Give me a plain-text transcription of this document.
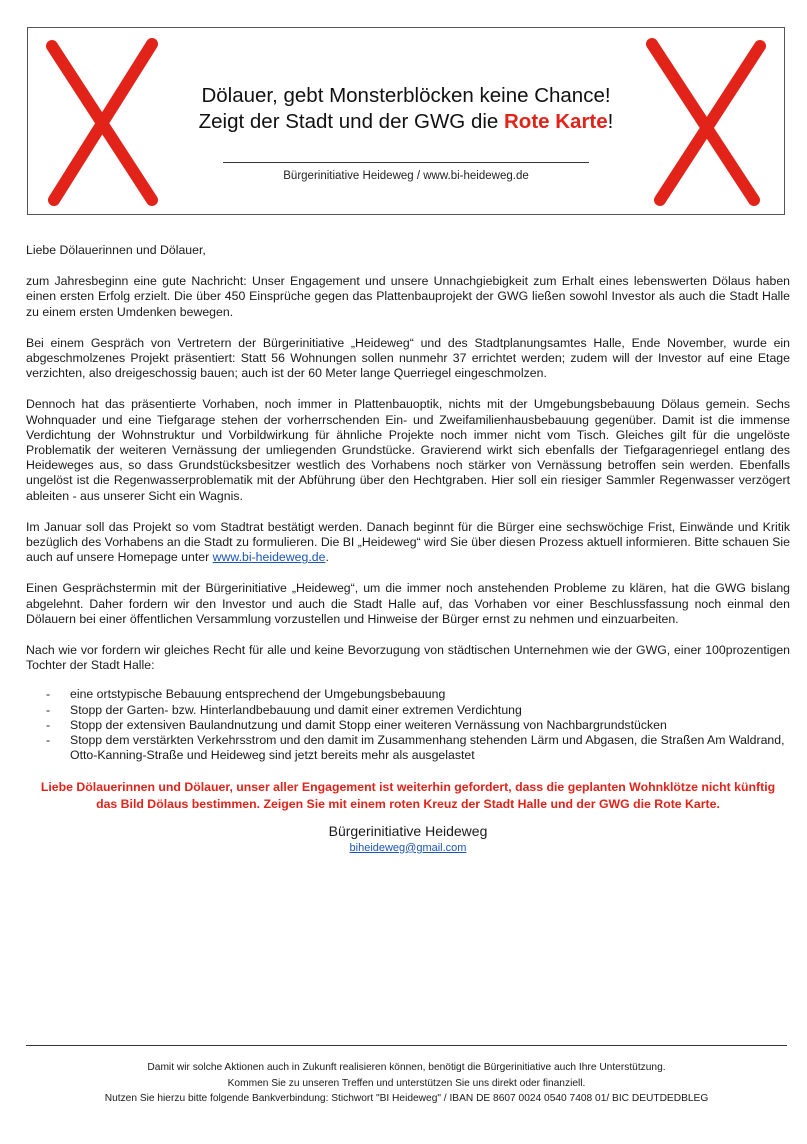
Dölauer, gebt Monsterblöcken keine Chance!
Zeigt der Stadt und der GWG die Rote Karte!
Bürgerinitiative Heideweg / www.bi-heideweg.de

Liebe Dölauerinnen und Dölauer,

zum Jahresbeginn eine gute Nachricht: Unser Engagement und unsere Unnachgiebigkeit zum Erhalt eines lebenswerten Dölaus haben einen ersten Erfolg erzielt. Die über 450 Einsprüche gegen das Plattenbauprojekt der GWG ließen sowohl Investor als auch die Stadt Halle zu einem ersten Umdenken bewegen.

Bei einem Gespräch von Vertretern der Bürgerinitiative „Heideweg“ und des Stadtplanungsamtes Halle, Ende November, wurde ein abgeschmolzenes Projekt präsentiert: Statt 56 Wohnungen sollen nunmehr 37 errichtet werden; zudem will der Investor auf eine Etage verzichten, also dreigeschossig bauen; auch ist der 60 Meter lange Querriegel eingeschmolzen.

Dennoch hat das präsentierte Vorhaben, noch immer in Plattenbauoptik, nichts mit der Umgebungsbebauung Dölaus gemein. Sechs Wohnquader und eine Tiefgarage stehen der vorherrschenden Ein- und Zweifamilienhausbebauung gegenüber. Damit ist die immense Verdichtung der Wohnstruktur und Vorbildwirkung für ähnliche Projekte noch immer nicht vom Tisch. Gleiches gilt für die ungelöste Problematik der weiteren Vernässung der umliegenden Grundstücke. Gravierend wirkt sich ebenfalls der Tiefgaragenriegel entlang des Heideweges aus, so dass Grundstücksbesitzer westlich des Vorhabens noch stärker von Vernässung betroffen sein werden. Ebenfalls ungelöst ist die Regenwasserproblematik mit der Abführung über den Hechtgraben. Hier soll ein riesiger Sammler Regenwasser verzögert ableiten - aus unserer Sicht ein Wagnis.

Im Januar soll das Projekt so vom Stadtrat bestätigt werden. Danach beginnt für die Bürger eine sechswöchige Frist, Einwände und Kritik bezüglich des Vorhabens an die Stadt zu formulieren. Die BI „Heideweg“ wird Sie über diesen Prozess aktuell informieren. Bitte schauen Sie auch auf unsere Homepage unter www.bi-heideweg.de.

Einen Gesprächstermin mit der Bürgerinitiative „Heideweg“, um die immer noch anstehenden Probleme zu klären, hat die GWG bislang abgelehnt. Daher fordern wir den Investor und auch die Stadt Halle auf, das Vorhaben vor einer Beschlussfassung noch einmal den Dölauern bei einer öffentlichen Versammlung vorzustellen und Hinweise der Bürger ernst zu nehmen und einzuarbeiten.

Nach wie vor fordern wir gleiches Recht für alle und keine Bevorzugung von städtischen Unternehmen wie der GWG, einer 100prozentigen Tochter der Stadt Halle:

- eine ortstypische Bebauung entsprechend der Umgebungsbebauung
- Stopp der Garten- bzw. Hinterlandbebauung und damit einer extremen Verdichtung
- Stopp der extensiven Baulandnutzung und damit Stopp einer weiteren Vernässung von Nachbargrundstücken
- Stopp dem verstärkten Verkehrsstrom und den damit im Zusammenhang stehenden Lärm und Abgasen, die Straßen Am Waldrand, Otto-Kanning-Straße und Heideweg sind jetzt bereits mehr als ausgelastet

Liebe Dölauerinnen und Dölauer, unser aller Engagement ist weiterhin gefordert, dass die geplanten Wohnklötze nicht künftig das Bild Dölaus bestimmen. Zeigen Sie mit einem roten Kreuz der Stadt Halle und der GWG die Rote Karte.

Bürgerinitiative Heideweg

biheideweg@gmail.com
Damit wir solche Aktionen auch in Zukunft realisieren können, benötigt die Bürgerinitiative auch Ihre Unterstützung.
Kommen Sie zu unseren Treffen und unterstützen Sie uns direkt oder finanziell.
Nutzen Sie hierzu bitte folgende Bankverbindung: Stichwort "BI Heideweg" / IBAN DE 8607 0024 0540 7408 01/ BIC DEUTDEDBLEG
